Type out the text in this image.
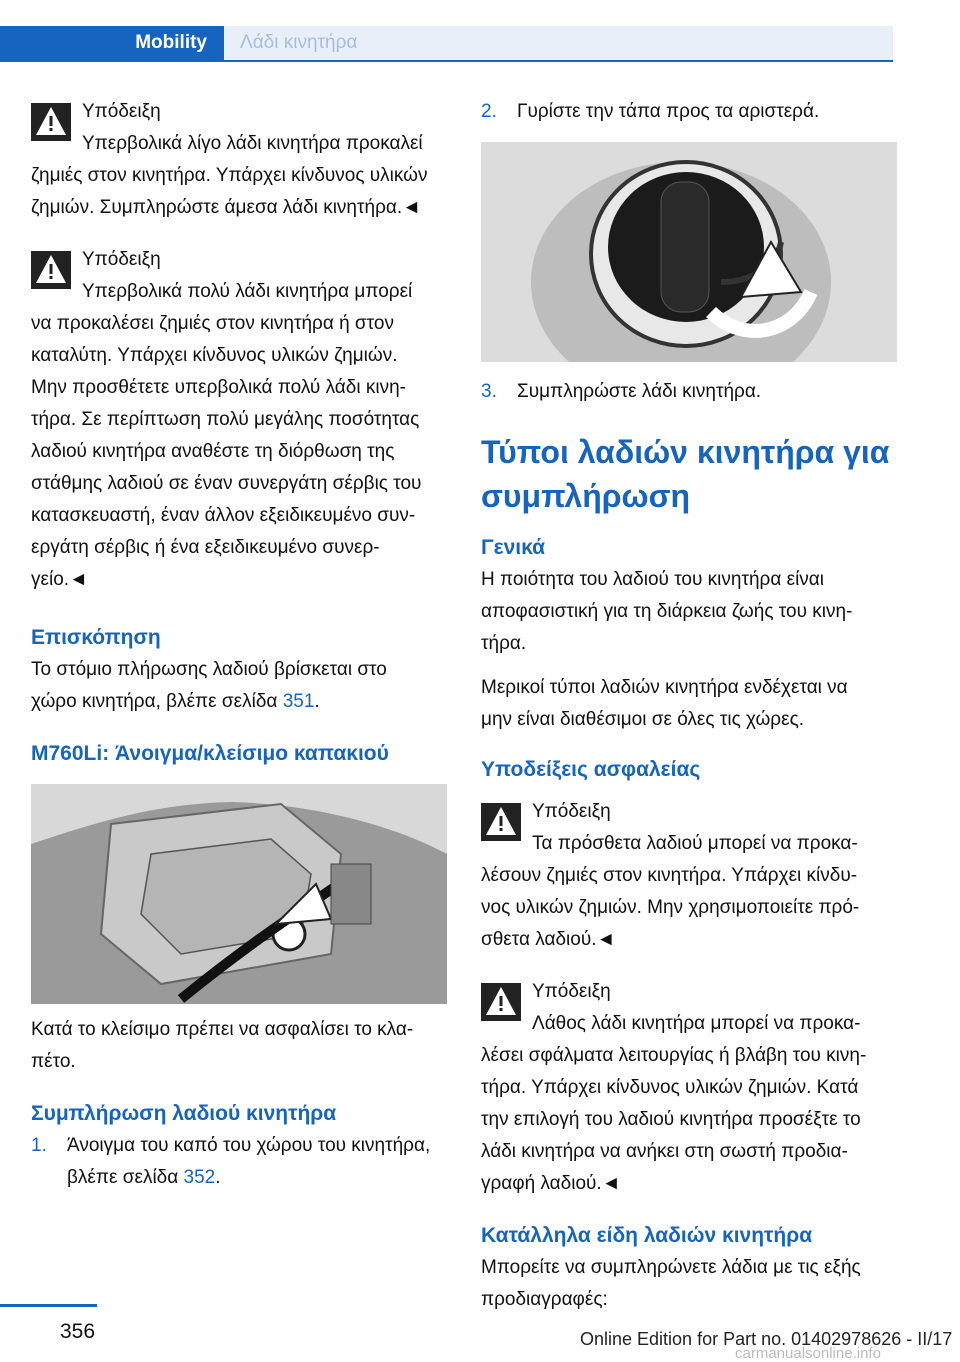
Mobility Λάδι κινητήρα
Υπόδειξη
Υπερβολικά λίγο λάδι κινητήρα προκαλεί
ζημιές στον κινητήρα. Υπάρχει κίνδυνος υλικών
ζημιών. Συμπληρώστε άμεσα λάδι κινητήρα.◄
Υπόδειξη
Υπερβολικά πολύ λάδι κινητήρα μπορεί
να προκαλέσει ζημιές στον κινητήρα ή στον
καταλύτη. Υπάρχει κίνδυνος υλικών ζημιών.
Μην προσθέτετε υπερβολικά πολύ λάδι κινη‐
τήρα. Σε περίπτωση πολύ μεγάλης ποσότητας
λαδιού κινητήρα αναθέστε τη διόρθωση της
στάθμης λαδιού σε έναν συνεργάτη σέρβις του
κατασκευαστή, έναν άλλον εξειδικευμένο συν‐
εργάτη σέρβις ή ένα εξειδικευμένο συνερ‐
γείο.◄
Επισκόπηση
Το στόμιο πλήρωσης λαδιού βρίσκεται στο
χώρο κινητήρα, βλέπε σελίδα 351.
M760Li: Άνοιγμα/κλείσιμο καπακιού
Κατά το κλείσιμο πρέπει να ασφαλίσει το κλα‐
πέτο.
Συμπλήρωση λαδιού κινητήρα
1. Άνοιγμα του καπό του χώρου του κινητήρα,
βλέπε σελίδα 352.
2. Γυρίστε την τάπα προς τα αριστερά.
3. Συμπληρώστε λάδι κινητήρα.
Τύποι λαδιών κινητήρα για
συμπλήρωση
Γενικά
Η ποιότητα του λαδιού του κινητήρα είναι
αποφασιστική για τη διάρκεια ζωής του κινη‐
τήρα.
Μερικοί τύποι λαδιών κινητήρα ενδέχεται να
μην είναι διαθέσιμοι σε όλες τις χώρες.
Υποδείξεις ασφαλείας
Υπόδειξη
Τα πρόσθετα λαδιού μπορεί να προκα‐
λέσουν ζημιές στον κινητήρα. Υπάρχει κίνδυ‐
νος υλικών ζημιών. Μην χρησιμοποιείτε πρό‐
σθετα λαδιού.◄
Υπόδειξη
Λάθος λάδι κινητήρα μπορεί να προκα‐
λέσει σφάλματα λειτουργίας ή βλάβη του κινη‐
τήρα. Υπάρχει κίνδυνος υλικών ζημιών. Κατά
την επιλογή του λαδιού κινητήρα προσέξτε το
λάδι κινητήρα να ανήκει στη σωστή προδια‐
γραφή λαδιού.◄
Κατάλληλα είδη λαδιών κινητήρα
Μπορείτε να συμπληρώνετε λάδια με τις εξής
προδιαγραφές:
356	Online Edition for Part no. 01402978626 - II/17
carmanualsonline.info
